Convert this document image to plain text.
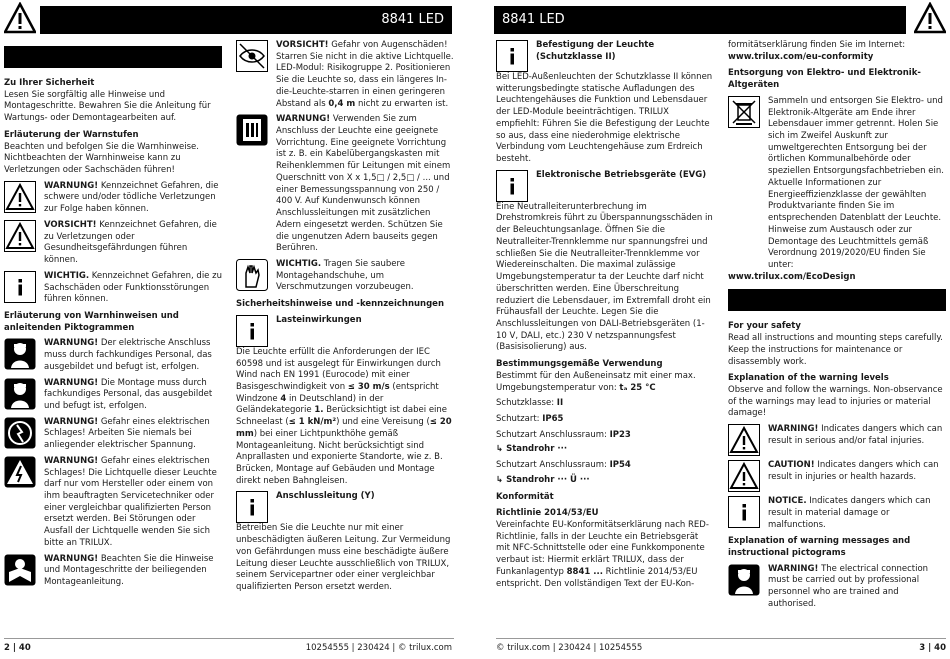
8841 LED
Zu Ihrer Sicherheit
Lesen Sie sorgfältig alle Hinweise und Montageschritte. Bewahren Sie die Anleitung für Wartungs- oder Demontagearbeiten auf.
Erläuterung der Warnstufen
Beachten und befolgen Sie die Warnhinweise. Nichtbeachten der Warnhinweise kann zu Verletzungen oder Sachschäden führen!
WARNUNG! Kennzeichnet Gefahren, die schwere und/oder tödliche Verletzungen zur Folge haben können.
VORSICHT! Kennzeichnet Gefahren, die zu Verletzungen oder Gesundheitsgefährdungen führen können.
WICHTIG. Kennzeichnet Gefahren, die zu Sachschäden oder Funktionsstörungen führen können.
Erläuterung von Warnhinweisen und anleitenden Piktogrammen
WARNUNG! Der elektrische Anschluss muss durch fachkundiges Personal, das ausgebildet und befugt ist, erfolgen.
WARNUNG! Die Montage muss durch fachkundiges Personal, das ausgebildet und befugt ist, erfolgen.
WARNUNG! Gefahr eines elektrischen Schlages! Arbeiten Sie niemals bei anliegender elektrischer Spannung.
WARNUNG! Gefahr eines elektrischen Schlages! Die Lichtquelle dieser Leuchte darf nur vom Hersteller oder einem von ihm beauftragten Servicetechniker oder einer vergleichbar qualifizierten Person ersetzt werden. Bei Störungen oder Ausfall der Lichtquelle wenden Sie sich bitte an TRILUX.
WARNUNG! Beachten Sie die Hinweise und Montageschritte der beiliegenden Montageanleitung.
VORSICHT! Gefahr von Augenschäden! Starren Sie nicht in die aktive Lichtquelle. LED-Modul: Risikogruppe 2. Positionieren Sie die Leuchte so, dass ein längeres In-die-Leuchte-starren in einen geringeren Abstand als 0,4 m nicht zu erwarten ist.
WARNUNG! Verwenden Sie zum Anschluss der Leuchte eine geeignete Vorrichtung. Eine geeignete Vorrichtung ist z. B. ein Kabelübergangskasten mit Reihenklemmen für Leitungen mit einem Querschnitt von X x 1,5□ / 2,5□ / ... und einer Bemessungsspannung von 250 / 400 V. Auf Kundenwunsch können Anschlussleitungen mit zusätzlichen Adern eingesetzt werden. Schützen Sie die ungenutzen Adern bauseits gegen Berühren.
WICHTIG. Tragen Sie saubere Montagehandschuhe, um Verschmutzungen vorzubeugen.
Sicherheitshinweise und -kennzeichnungen
Lasteinwirkungen
Die Leuchte erfüllt die Anforderungen der IEC 60598 und ist ausgelegt für Einwirkungen durch Wind nach EN 1991 (Eurocode) mit einer Basisgeschwindigkeit von ≤ 30 m/s (entspricht Windzone 4 in Deutschland) in der Geländekategorie 1. Berücksichtigt ist dabei eine Schneelast (≤ 1 kN/m²) und eine Vereisung (≤ 20 mm) bei einer Lichtpunkthöhe gemäß Montageanleitung. Nicht berücksichtigt sind Anprallasten und exponierte Standorte, wie z. B. Brücken, Montage auf Gebäuden und Montage direkt neben Bahngleisen.
Anschlussleitung (Y)
Betreiben Sie die Leuchte nur mit einer unbeschädigten äußeren Leitung. Zur Vermeidung von Gefährdungen muss eine beschädigte äußere Leitung dieser Leuchte ausschließlich von TRILUX, seinem Servicepartner oder einer vergleichbar qualifizierten Person ersetzt werden.
2 | 40	10254555 | 230424 | © trilux.com
8841 LED
Befestigung der Leuchte (Schutzklasse II)
Bei LED-Außenleuchten der Schutzklasse II können witterungsbedingte statische Aufladungen des Leuchtengehäuses die Funktion und Lebensdauer der LED-Module beeinträchtigen. TRILUX empfiehlt: Führen Sie die Befestigung der Leuchte so aus, dass eine niederohmige elektrische Verbindung vom Leuchtengehäuse zum Erdreich besteht.
Elektronische Betriebsgeräte (EVG)
Eine Neutralleiterunterbrechung im Drehstromkreis führt zu Überspannungsschäden in der Beleuchtungsanlage. Öffnen Sie die Neutralleiter-Trennklemme nur spannungsfrei und schließen Sie die Neutralleiter-Trennklemme vor Wiedereinschalten. Die maximal zulässige Umgebungstemperatur ta der Leuchte darf nicht überschritten werden. Eine Überschreitung reduziert die Lebensdauer, im Extremfall droht ein Frühausfall der Leuchte. Legen Sie die Anschlussleitungen von DALI-Betriebsgeräten (1-10 V, DALI, etc.) 230 V netzspannungsfest (Basisisolierung) aus.
Bestimmungsgemäße Verwendung
Bestimmt für den Außeneinsatz mit einer max. Umgebungstemperatur von: tₐ 25 °C
Schutzklasse: II
Schutzart: IP65
Schutzart Anschlussraum: IP23
↳ Standrohr ···
Schutzart Anschlussraum: IP54
↳ Standrohr ··· Ü ···
Konformität
Richtlinie 2014/53/EU
Vereinfachte EU-Konformitätserklärung nach RED-Richtlinie, falls in der Leuchte ein Betriebsgerät mit NFC-Schnittstelle oder eine Funkkomponente verbaut ist: Hiermit erklärt TRILUX, dass der Funkanlagentyp 8841 ... Richtlinie 2014/53/EU entspricht. Den vollständigen Text der EU-Kon-
formitätserklärung finden Sie im Internet:
www.trilux.com/eu-conformity
Entsorgung von Elektro- und Elektronik-Altgeräten
Sammeln und entsorgen Sie Elektro- und Elektronik-Altgeräte am Ende ihrer Lebensdauer immer getrennt. Holen Sie sich im Zweifel Auskunft zur umweltgerechten Entsorgung bei der örtlichen Kommunalbehörde oder speziellen Entsorgungsfachbetrieben ein. Aktuelle Informationen zur Energieeffizienzklasse der gewählten Produktvariante finden Sie im entsprechenden Datenblatt der Leuchte. Hinweise zum Austausch oder zur Demontage des Leuchtmittels gemäß Verordnung 2019/2020/EU finden Sie unter:
www.trilux.com/EcoDesign
For your safety
Read all instructions and mounting steps carefully. Keep the instructions for maintenance or disassembly work.
Explanation of the warning levels
Observe and follow the warnings. Non-observance of the warnings may lead to injuries or material damage!
WARNING! Indicates dangers which can result in serious and/or fatal injuries.
CAUTION! Indicates dangers which can result in injuries or health hazards.
NOTICE. Indicates dangers which can result in material damage or malfunctions.
Explanation of warning messages and instructional pictograms
WARNING! The electrical connection must be carried out by professional personnel who are trained and authorised.
© trilux.com | 230424 | 10254555	3 | 40
